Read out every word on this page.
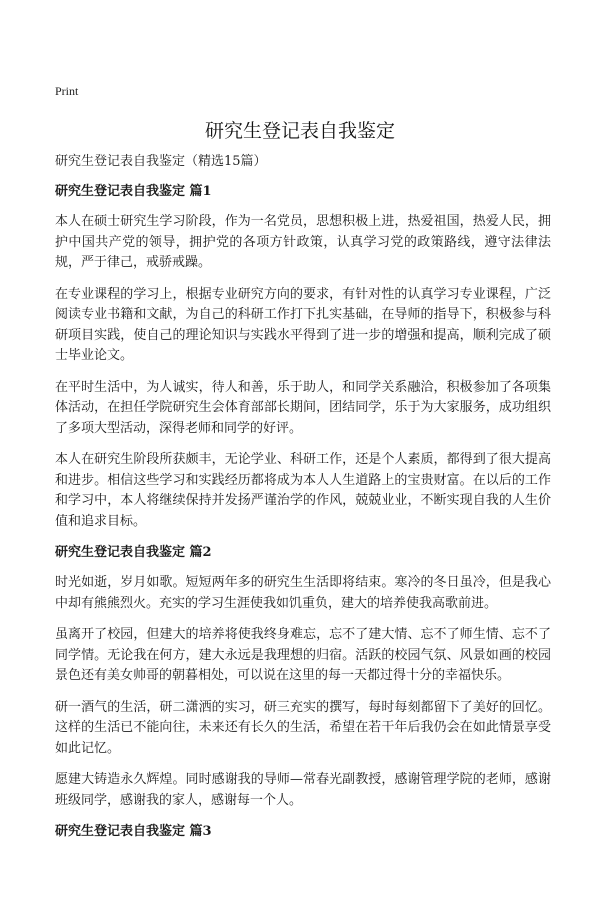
Print
研究生登记表自我鉴定

研究生登记表自我鉴定（精选15篇）

研究生登记表自我鉴定 篇1

本人在硕士研究生学习阶段，作为一名党员，思想积极上进，热爱祖国，热爱人民，拥护中国共产党的领导，拥护党的各项方针政策，认真学习党的政策路线，遵守法律法规，严于律己，戒骄戒躁。

在专业课程的学习上，根据专业研究方向的要求，有针对性的认真学习专业课程，广泛阅读专业书籍和文献，为自己的科研工作打下扎实基础，在导师的指导下，积极参与科研项目实践，使自己的理论知识与实践水平得到了进一步的增强和提高，顺利完成了硕士毕业论文。

在平时生活中，为人诚实，待人和善，乐于助人，和同学关系融洽，积极参加了各项集体活动，在担任学院研究生会体育部部长期间，团结同学，乐于为大家服务，成功组织了多项大型活动，深得老师和同学的好评。

本人在研究生阶段所获颇丰，无论学业、科研工作，还是个人素质，都得到了很大提高和进步。相信这些学习和实践经历都将成为本人人生道路上的宝贵财富。在以后的工作和学习中，本人将继续保持并发扬严谨治学的作风，兢兢业业，不断实现自我的人生价值和追求目标。

研究生登记表自我鉴定 篇2

时光如逝，岁月如歌。短短两年多的研究生生活即将结束。寒冷的冬日虽冷，但是我心中却有熊熊烈火。充实的学习生涯使我如饥重负，建大的培养使我高歌前进。

虽离开了校园，但建大的培养将使我终身难忘，忘不了建大情、忘不了师生情、忘不了同学情。无论我在何方，建大永远是我理想的归宿。活跃的校园气氛、风景如画的校园景色还有美女帅哥的朝暮相处，可以说在这里的每一天都过得十分的幸福快乐。

研一酒气的生活，研二潇洒的实习，研三充实的撰写，每时每刻都留下了美好的回忆。这样的生活已不能向往，未来还有长久的生活，希望在若干年后我仍会在如此情景享受如此记忆。

愿建大铸造永久辉煌。同时感谢我的导师—常春光副教授，感谢管理学院的老师，感谢班级同学，感谢我的家人，感谢每一个人。

研究生登记表自我鉴定 篇3
